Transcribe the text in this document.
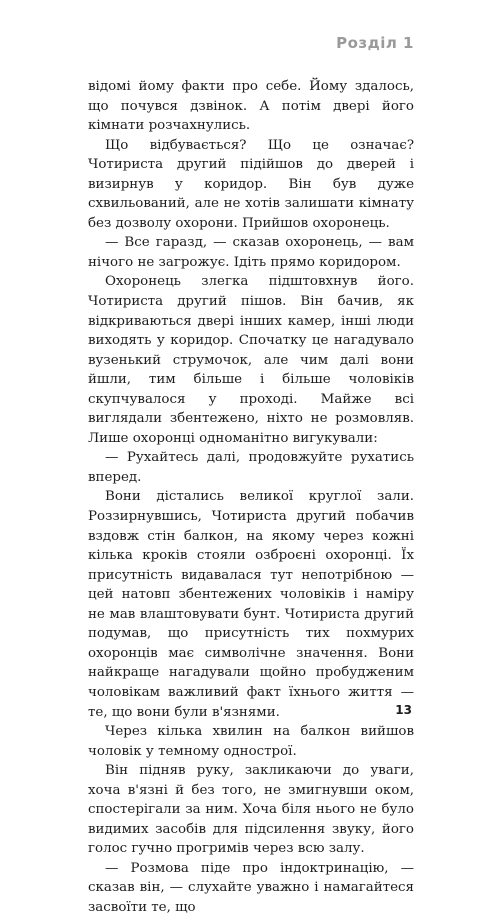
Розділ 1

відомі йому факти про себе. Йому здалось, що почувся дзвінок. А потім двері його кімнати розчахнулись.

Що відбувається? Що це означає? Чотириста другий підійшов до дверей і визирнув у коридор. Він був дуже схвильований, але не хотів залишати кімнату без дозволу охорони. Прийшов охоронець.

— Все гаразд, — сказав охоронець, — вам нічого не загрожує. Ідіть прямо коридором.

Охоронець злегка підштовхнув його. Чотириста другий пішов. Він бачив, як відкриваються двері інших камер, інші люди виходять у коридор. Спочатку це нагадувало вузенький струмочок, але чим далі вони йшли, тим більше і більше чоловіків скупчувалося у проході. Майже всі виглядали збентежено, ніхто не розмовляв. Лише охоронці одноманітно вигукували:

— Рухайтесь далі, продовжуйте рухатись вперед.

Вони дістались великої круглої зали. Роззирнувшись, Чотириста другий побачив вздовж стін балкон, на якому через кожні кілька кроків стояли озброєні охоронці. Їх присутність видавалася тут непотрібною — цей натовп збентежених чоловіків і наміру не мав влаштовувати бунт. Чотириста другий подумав, що присутність тих похмурих охоронців має символічне значення. Вони найкраще нагадували щойно пробудженим чоловікам важливий факт їхнього життя — те, що вони були в'язнями.

Через кілька хвилин на балкон вийшов чоловік у темному однострої.

Він підняв руку, закликаючи до уваги, хоча в'язні й без того, не змигнувши оком, спостерігали за ним. Хоча біля нього не було видимих засобів для підсилення звуку, його голос гучно прогримів через всю залу.

— Розмова піде про індоктринацію, — сказав він, — слухайте уважно і намагайтеся засвоїти те, що

13
